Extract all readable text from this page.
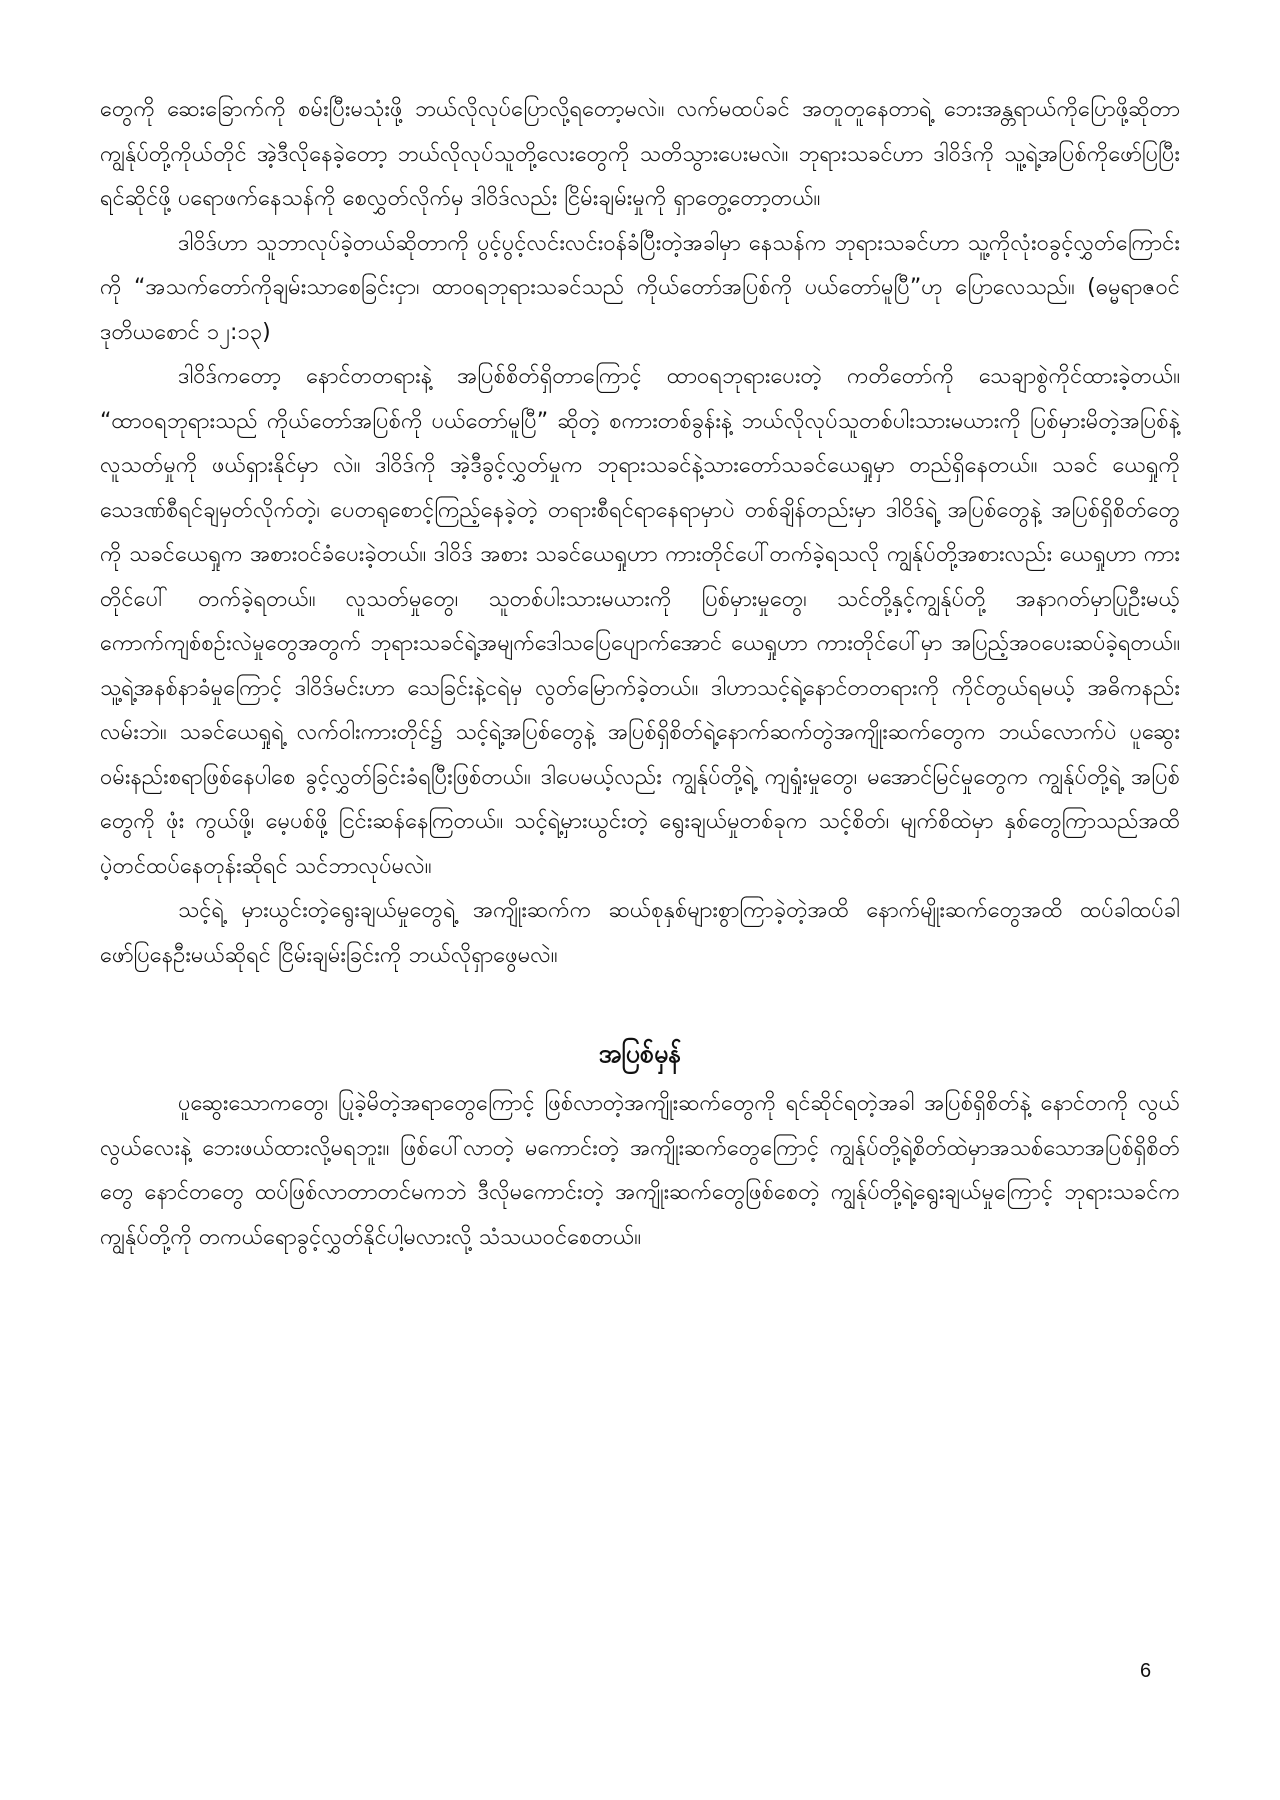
တွေကို ဆေးခြောက်ကို စမ်းပြီးမသုံးဖို့ ဘယ်လိုလုပ်ပြောလို့ရတော့မလဲ။ လက်မထပ်ခင် အတူတူနေတာရဲ့ ဘေးအန္တရာယ်ကိုပြောဖို့ဆိုတာ ကျွန်ုပ်တို့ကိုယ်တိုင် အဲ့ဒီလိုနေခဲ့တော့ ဘယ်လိုလုပ်သူတို့လေးတွေကို သတိသွားပေးမလဲ။ ဘုရားသခင်ဟာ ဒါဝိဒ်ကို သူ့ရဲ့အပြစ်ကိုဖော်ပြပြီး ရင်ဆိုင်ဖို့ ပရောဖက်နေသန်ကို စေလွှတ်လိုက်မှ ဒါဝိဒ်လည်း ငြိမ်းချမ်းမှုကို ရှာတွေ့တော့တယ်။

ဒါဝိဒ်ဟာ သူဘာလုပ်ခဲ့တယ်ဆိုတာကို ပွင့်ပွင့်လင်းလင်းဝန်ခံပြီးတဲ့အခါမှာ နေသန်က ဘုရားသခင်ဟာ သူ့ကိုလုံးဝခွင့်လွှတ်ကြောင်းကို “အသက်တော်ကိုချမ်းသာစေခြင်းငှာ၊ ထာဝရဘုရားသခင်သည် ကိုယ်တော်အပြစ်ကို ပယ်တော်မူပြီ”ဟု ပြောလေသည်။ (ဓမ္မရာဇဝင်ဒုတိယစောင် ၁၂:၁၃)

ဒါဝိဒ်ကတော့ နောင်တတရားနဲ့ အပြစ်စိတ်ရှိတာကြောင့် ထာဝရဘုရားပေးတဲ့ ကတိတော်ကို သေချာစွဲကိုင်ထားခဲ့တယ်။ “ထာဝရဘုရားသည် ကိုယ်တော်အပြစ်ကို ပယ်တော်မူပြီ” ဆိုတဲ့ စကားတစ်ခွန်းနဲ့ ဘယ်လိုလုပ်သူတစ်ပါးသားမယားကို ပြစ်မှားမိတဲ့အပြစ်နဲ့ လူသတ်မှုကို ဖယ်ရှားနိုင်မှာ လဲ။ ဒါဝိဒ်ကို အဲ့ဒီခွင့်လွှတ်မှုက ဘုရားသခင်နဲ့သားတော်သခင်ယေရှုမှာ တည်ရှိနေတယ်။ သခင် ယေရှုကို သေဒဏ်စီရင်ချမှတ်လိုက်တဲ့၊ ပေတရုစောင့်ကြည့်နေခဲ့တဲ့ တရားစီရင်ရာနေရာမှာပဲ တစ်ချိန်တည်းမှာ ဒါဝိဒ်ရဲ့ အပြစ်တွေနဲ့ အပြစ်ရှိစိတ်တွေကို သခင်ယေရှုက အစားဝင်ခံပေးခဲ့တယ်။ ဒါဝိဒ် အစား သခင်ယေရှုဟာ ကားတိုင်ပေါ်တက်ခဲ့ရသလို ကျွန်ုပ်တို့အစားလည်း ယေရှုဟာ ကားတိုင်ပေါ် တက်ခဲ့ရတယ်။ လူသတ်မှုတွေ၊ သူတစ်ပါးသားမယားကို ပြစ်မှားမှုတွေ၊ သင်တို့နှင့်ကျွန်ုပ်တို့ အနာဂတ်မှာပြုဦးမယ့် ကောက်ကျစ်စဉ်းလဲမှုတွေအတွက် ဘုရားသခင်ရဲ့အမျက်ဒေါသပြေပျောက်အောင် ယေရှုဟာ ကားတိုင်ပေါ်မှာ အပြည့်အဝပေးဆပ်ခဲ့ရတယ်။ သူ့ရဲ့အနစ်နာခံမှုကြောင့် ဒါဝိဒ်မင်းဟာ သေခြင်းနဲ့ငရဲမှ လွတ်မြောက်ခဲ့တယ်။ ဒါဟာသင့်ရဲ့နောင်တတရားကို ကိုင်တွယ်ရမယ့် အဓိကနည်းလမ်းဘဲ။ သခင်ယေရှုရဲ့ လက်ဝါးကားတိုင်၌ သင့်ရဲ့အပြစ်တွေနဲ့ အပြစ်ရှိစိတ်ရဲ့နောက်ဆက်တွဲအကျိုးဆက်တွေက ဘယ်လောက်ပဲ ပူဆွေးဝမ်းနည်းစရာဖြစ်နေပါစေ ခွင့်လွှတ်ခြင်းခံရပြီးဖြစ်တယ်။ ဒါပေမယ့်လည်း ကျွန်ုပ်တို့ရဲ့ ကျရှုံးမှုတွေ၊ မအောင်မြင်မှုတွေက ကျွန်ုပ်တို့ရဲ့ အပြစ်တွေကို ဖုံး ကွယ်ဖို့၊ မေ့ပစ်ဖို့ ငြင်းဆန်နေကြတယ်။ သင့်ရဲ့မှားယွင်းတဲ့ ရွေးချယ်မှုတစ်ခုက သင့်စိတ်၊ မျက်စိထဲမှာ နှစ်တွေကြာသည်အထိ ပဲ့တင်ထပ်နေတုန်းဆိုရင် သင်ဘာလုပ်မလဲ။

သင့်ရဲ့ မှားယွင်းတဲ့ရွေးချယ်မှုတွေရဲ့ အကျိုးဆက်က ဆယ်စုနှစ်များစွာကြာခဲ့တဲ့အထိ နောက်မျိုးဆက်တွေအထိ ထပ်ခါထပ်ခါ ဖော်ပြနေဦးမယ်ဆိုရင် ငြိမ်းချမ်းခြင်းကို ဘယ်လိုရှာဖွေမလဲ။

အပြစ်မှန်

ပူဆွေးသောကတွေ၊ ပြုခဲ့မိတဲ့အရာတွေကြောင့် ဖြစ်လာတဲ့အကျိုးဆက်တွေကို ရင်ဆိုင်ရတဲ့အခါ အပြစ်ရှိစိတ်နဲ့ နောင်တကို လွယ်လွယ်လေးနဲ့ ဘေးဖယ်ထားလို့မရဘူး။ ဖြစ်ပေါ်လာတဲ့ မကောင်းတဲ့ အကျိုးဆက်တွေကြောင့် ကျွန်ုပ်တို့ရဲ့စိတ်ထဲမှာအသစ်သောအပြစ်ရှိစိတ်တွေ နောင်တတွေ ထပ်ဖြစ်လာတာတင်မကဘဲ ဒီလိုမကောင်းတဲ့ အကျိုးဆက်တွေဖြစ်စေတဲ့ ကျွန်ုပ်တို့ရဲ့ရွေးချယ်မှုကြောင့် ဘုရားသခင်က ကျွန်ုပ်တို့ကို တကယ်ရောခွင့်လွှတ်နိုင်ပါ့မလားလို့ သံသယဝင်စေတယ်။

6
